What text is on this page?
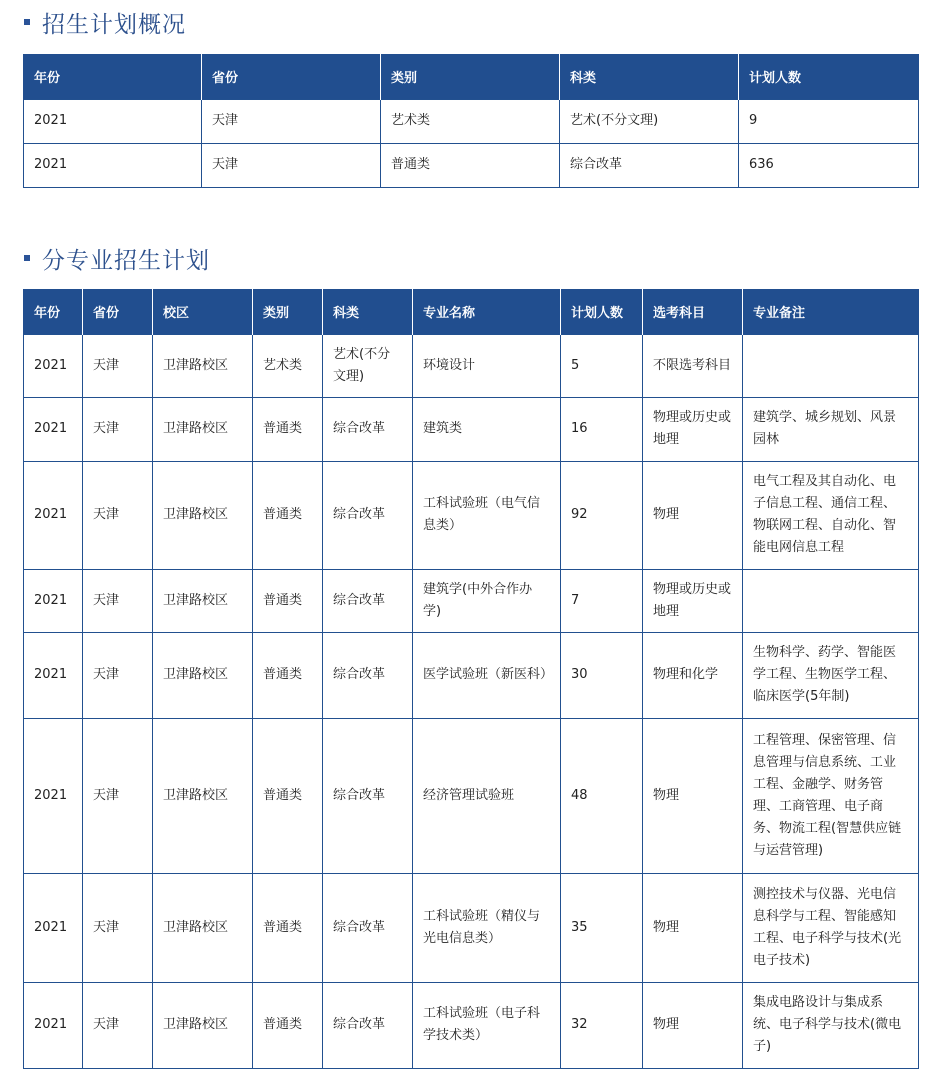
招生计划概况
年份	省份	类别	科类	计划人数
2021	天津	艺术类	艺术(不分文理)	9
2021	天津	普通类	综合改革	636
分专业招生计划
年份	省份	校区	类别	科类	专业名称	计划人数	选考科目	专业备注
2021	天津	卫津路校区	艺术类	艺术(不分文理)	环境设计	5	不限选考科目	
2021	天津	卫津路校区	普通类	综合改革	建筑类	16	物理或历史或地理	建筑学、城乡规划、风景园林
2021	天津	卫津路校区	普通类	综合改革	工科试验班（电气信息类）	92	物理	电气工程及其自动化、电子信息工程、通信工程、物联网工程、自动化、智能电网信息工程
2021	天津	卫津路校区	普通类	综合改革	建筑学(中外合作办学)	7	物理或历史或地理	
2021	天津	卫津路校区	普通类	综合改革	医学试验班（新医科）	30	物理和化学	生物科学、药学、智能医学工程、生物医学工程、临床医学(5年制)
2021	天津	卫津路校区	普通类	综合改革	经济管理试验班	48	物理	工程管理、保密管理、信息管理与信息系统、工业工程、金融学、财务管理、工商管理、电子商务、物流工程(智慧供应链与运营管理)
2021	天津	卫津路校区	普通类	综合改革	工科试验班（精仪与光电信息类）	35	物理	测控技术与仪器、光电信息科学与工程、智能感知工程、电子科学与技术(光电子技术)
2021	天津	卫津路校区	普通类	综合改革	工科试验班（电子科学技术类）	32	物理	集成电路设计与集成系统、电子科学与技术(微电子)
